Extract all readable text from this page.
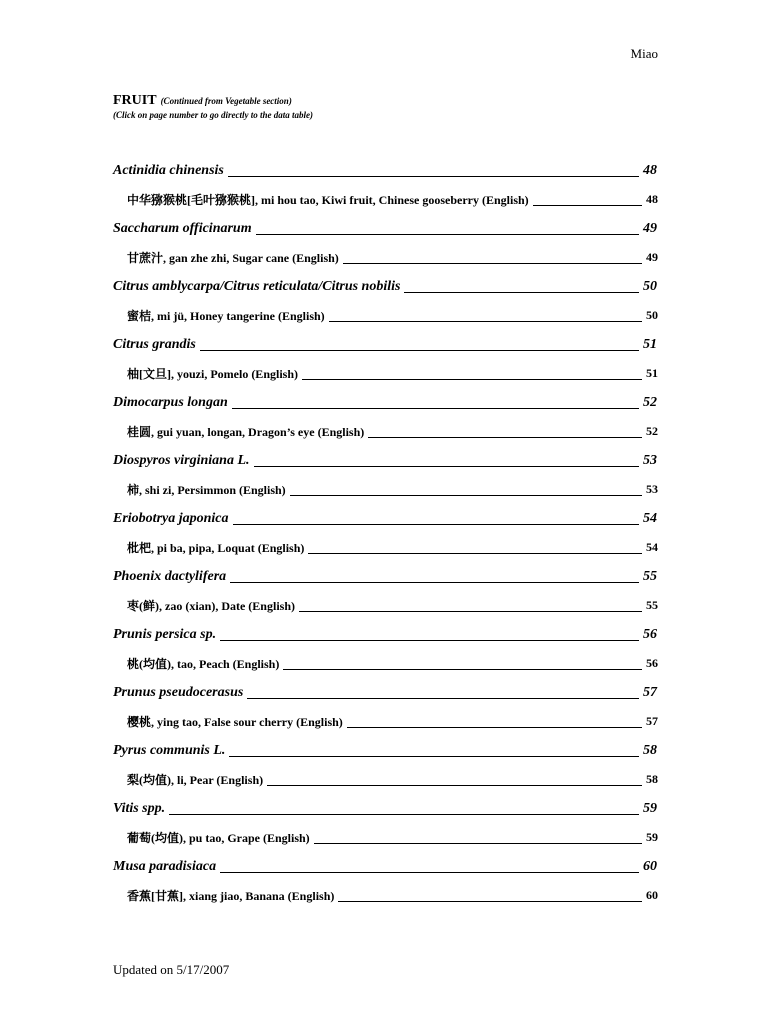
Miao
FRUIT (Continued from Vegetable section)
(Click on page number to go directly to the data table)
Actinidia chinensis	48
中华猕猴桃[毛叶猕猴桃], mi hou tao, Kiwi fruit, Chinese gooseberry (English)	48
Saccharum officinarum	49
甘蔗汁, gan zhe zhi, Sugar cane (English)	49
Citrus amblycarpa/Citrus reticulata/Citrus nobilis	50
蜜桔, mi jü, Honey tangerine (English)	50
Citrus grandis	51
柚[文旦], youzi, Pomelo (English)	51
Dimocarpus longan	52
桂圆, gui yuan, longan, Dragon’s eye (English)	52
Diospyros virginiana L.	53
柿, shi zi, Persimmon (English)	53
Eriobotrya japonica	54
枇杷, pi ba, pipa, Loquat (English)	54
Phoenix dactylifera	55
枣(鲜), zao (xian), Date (English)	55
Prunis persica sp.	56
桃(均值), tao, Peach (English)	56
Prunus pseudocerasus	57
樱桃, ying tao, False sour cherry (English)	57
Pyrus communis L.	58
梨(均值), li, Pear (English)	58
Vitis spp.	59
葡萄(均值), pu tao, Grape (English)	59
Musa paradisiaca	60
香蕉[甘蕉], xiang jiao, Banana (English)	60
Updated on 5/17/2007
